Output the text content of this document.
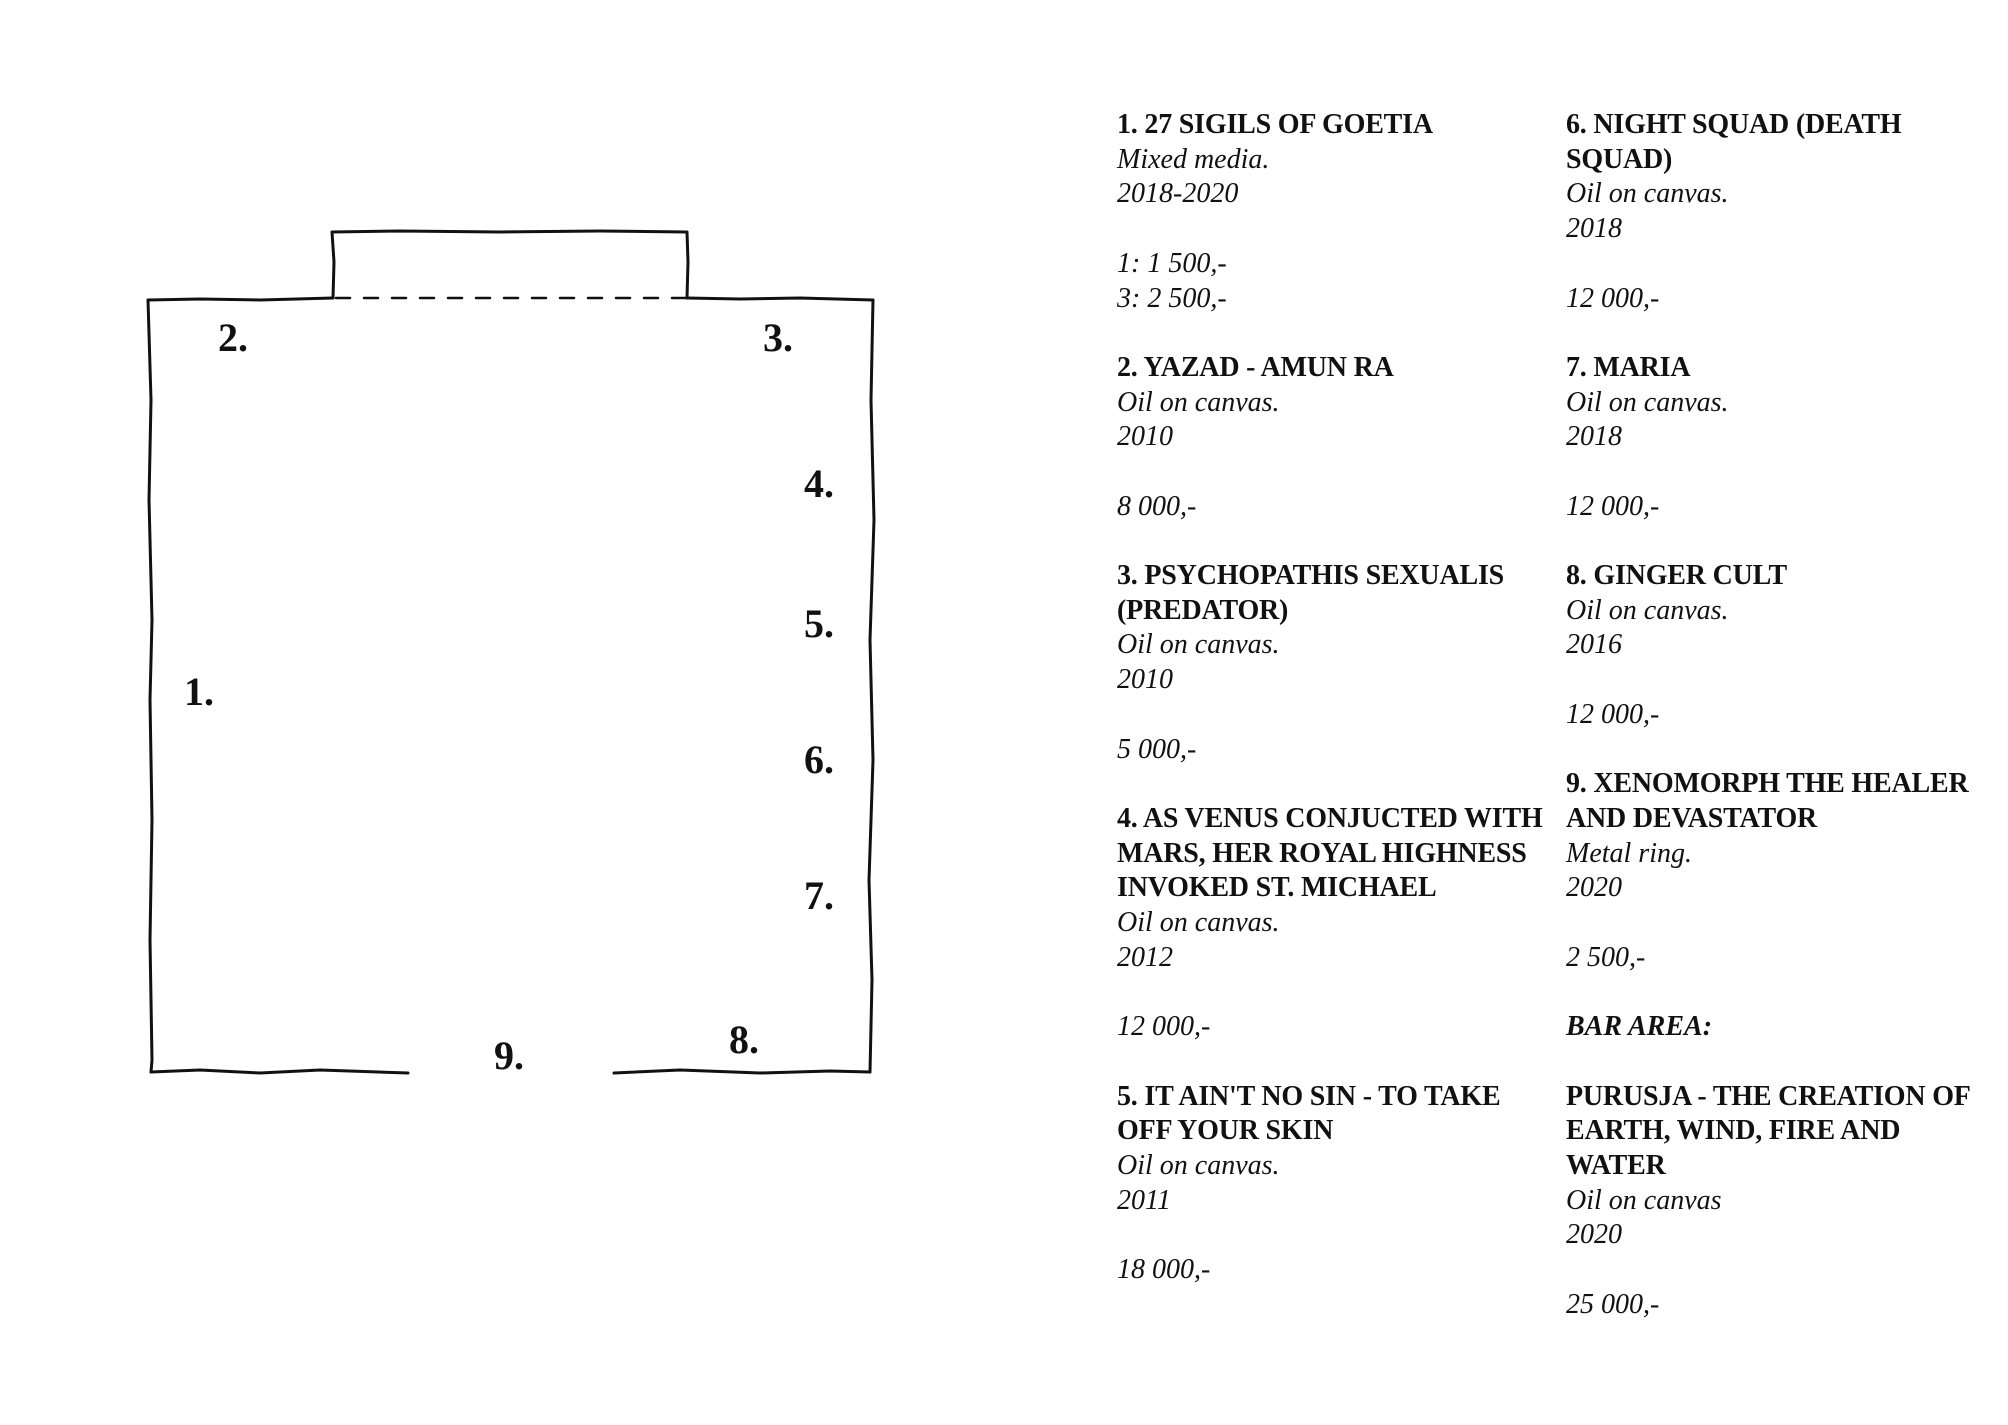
2.	3.
4.
5.
1.
6.
7.
8.
9.
1. 27 SIGILS OF GOETIA
Mixed media.
2018-2020
1: 1 500,-
3: 2 500,-
2. YAZAD - AMUN RA
Oil on canvas.
2010
8 000,-
3. PSYCHOPATHIS SEXUALIS (PREDATOR)
Oil on canvas.
2010
5 000,-
4. AS VENUS CONJUCTED WITH MARS, HER ROYAL HIGHNESS INVOKED ST. MICHAEL
Oil on canvas.
2012
12 000,-
5. IT AIN'T NO SIN - TO TAKE OFF YOUR SKIN
Oil on canvas.
2011
18 000,-
6. NIGHT SQUAD (DEATH SQUAD)
Oil on canvas.
2018
12 000,-
7. MARIA
Oil on canvas.
2018
12 000,-
8. GINGER CULT
Oil on canvas.
2016
12 000,-
9. XENOMORPH THE HEALER AND DEVASTATOR
Metal ring.
2020
2 500,-
BAR AREA:
PURUSJA - THE CREATION OF EARTH, WIND, FIRE AND WATER
Oil on canvas
2020
25 000,-
